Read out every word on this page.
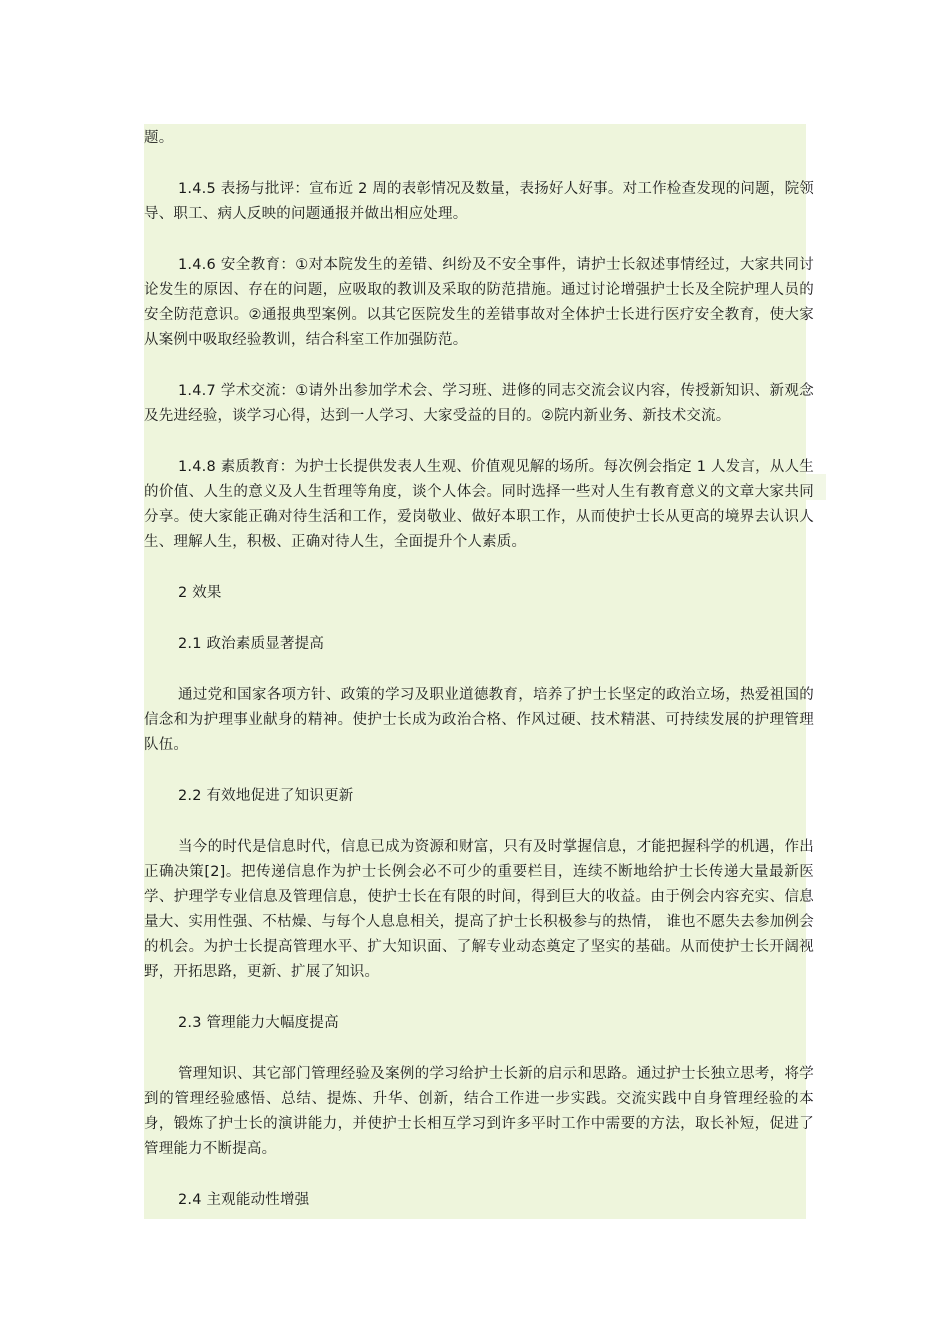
题。

1.4.5 表扬与批评：宣布近 2 周的表彰情况及数量，表扬好人好事。对工作检查发现的问题，院领导、职工、病人反映的问题通报并做出相应处理。

1.4.6 安全教育：①对本院发生的差错、纠纷及不安全事件，请护士长叙述事情经过，大家共同讨论发生的原因、存在的问题，应吸取的教训及采取的防范措施。通过讨论增强护士长及全院护理人员的安全防范意识。②通报典型案例。以其它医院发生的差错事故对全体护士长进行医疗安全教育，使大家从案例中吸取经验教训，结合科室工作加强防范。

1.4.7 学术交流：①请外出参加学术会、学习班、进修的同志交流会议内容，传授新知识、新观念及先进经验，谈学习心得，达到一人学习、大家受益的目的。②院内新业务、新技术交流。

1.4.8 素质教育：为护士长提供发表人生观、价值观见解的场所。每次例会指定 1 人发言，从人生的价值、人生的意义及人生哲理等角度，谈个人体会。同时选择一些对人生有教育意义的文章大家共同分享。使大家能正确对待生活和工作，爱岗敬业、做好本职工作，从而使护士长从更高的境界去认识人生、理解人生，积极、正确对待人生，全面提升个人素质。

2 效果

2.1 政治素质显著提高

通过党和国家各项方针、政策的学习及职业道德教育，培养了护士长坚定的政治立场，热爱祖国的信念和为护理事业献身的精神。使护士长成为政治合格、作风过硬、技术精湛、可持续发展的护理管理队伍。

2.2 有效地促进了知识更新

当今的时代是信息时代，信息已成为资源和财富，只有及时掌握信息，才能把握科学的机遇，作出正确决策[2]。把传递信息作为护士长例会必不可少的重要栏目，连续不断地给护士长传递大量最新医学、护理学专业信息及管理信息，使护士长在有限的时间，得到巨大的收益。由于例会内容充实、信息量大、实用性强、不枯燥、与每个人息息相关，提高了护士长积极参与的热情， 谁也不愿失去参加例会的机会。为护士长提高管理水平、扩大知识面、了解专业动态奠定了坚实的基础。从而使护士长开阔视野，开拓思路，更新、扩展了知识。

2.3 管理能力大幅度提高

管理知识、其它部门管理经验及案例的学习给护士长新的启示和思路。通过护士长独立思考，将学到的管理经验感悟、总结、提炼、升华、创新，结合工作进一步实践。交流实践中自身管理经验的本身，锻炼了护士长的演讲能力，并使护士长相互学习到许多平时工作中需要的方法，取长补短，促进了管理能力不断提高。

2.4 主观能动性增强
